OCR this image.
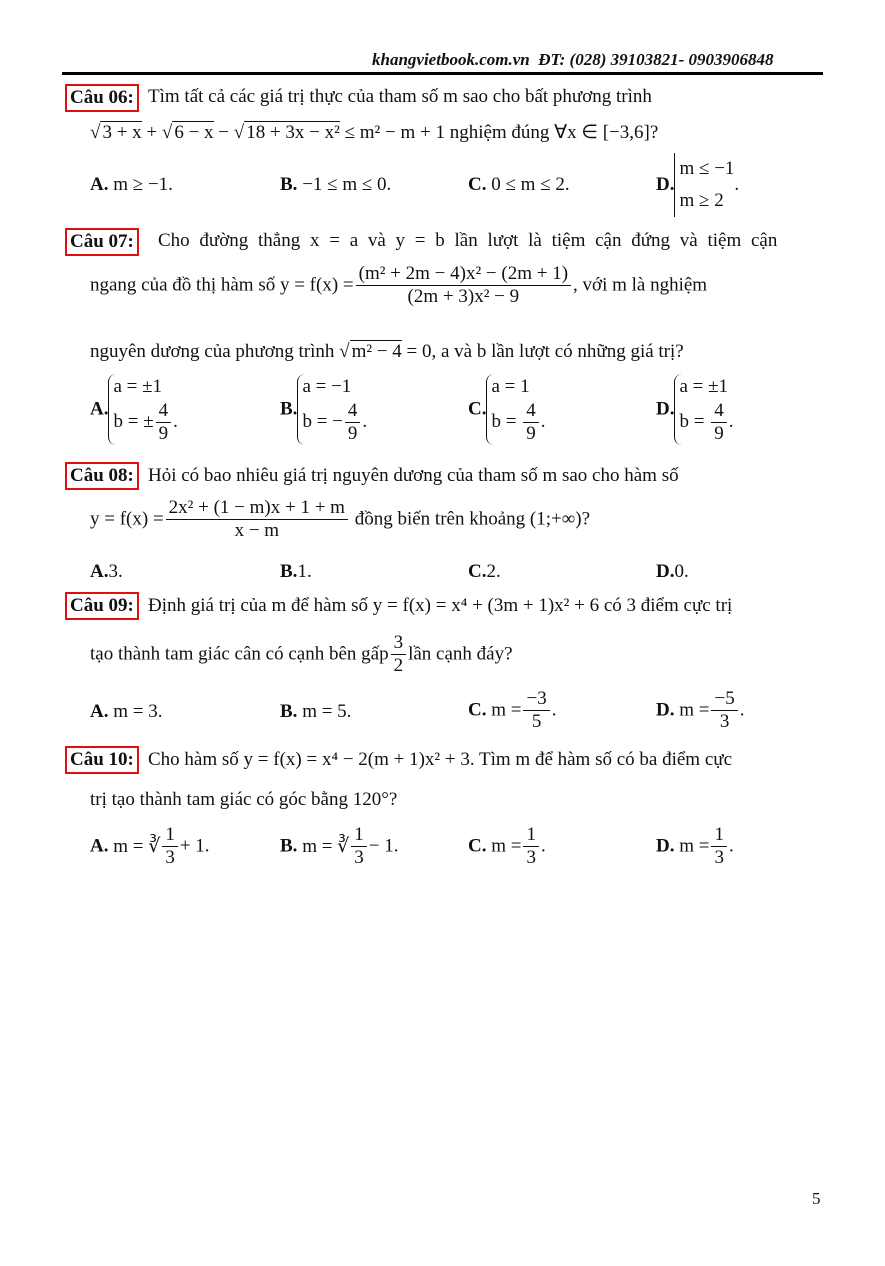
khangvietbook.com.vn ĐT: (028) 39103821- 0903906848
Câu 06: Tìm tất cả các giá trị thực của tham số m sao cho bất phương trình
√ 3 + x + √ 6 − x − √ 18 + 3x − x² ≤ m² − m + 1 nghiệm đúng ∀x ∈ [−3,6]?
A. m ≥ −1.	B. −1 ≤ m ≤ 0.	C. 0 ≤ m ≤ 2.	D.
m ≤ −1
m ≥ 2
.
Câu 07: Cho đường thẳng x = a và y = b lần lượt là tiệm cận đứng và tiệm cận
ngang của đồ thị hàm số $y = f(x) = \frac{\text{(m² + 2m − 4)x² − (2m + 1)}}{\text{(2m + 3)x² − 9}}$ , với m là nghiệm
nguyên dương của phương trình √ m² − 4 = 0, a và b lần lượt có những giá trị?
A.
a = ±1
b = ± $\frac{4}{9}$ .
B.
a = −1
b = − $\frac{4}{9}$ .
C.
a = 1
$b = \frac{4}{9}$ .
D.
a = ±1
$b = \frac{4}{9}$ .
Câu 08: Hỏi có bao nhiêu giá trị nguyên dương của tham số m sao cho hàm số
$y = f(x) = \frac{\text{2x² + (1 − m)x + 1 + m}}{x - m}$ đồng biến trên khoảng (1;+∞)?
A.3.	B.1.	C.2.	D.0.
Câu 09: Định giá trị của m để hàm số y = f(x) = x⁴ + (3m + 1)x² + 6 có 3 điểm cực trị
tạo thành tam giác cân có cạnh bên gấp $\frac{3}{2}$ lần cạnh đáy?
A. m = 3.	B. m = 5.	C. $m = \frac{-3}{5}$ .	D. $m = \frac{-5}{3}$ .
Câu 10: Cho hàm số y = f(x) = x⁴ − 2(m + 1)x² + 3. Tìm m để hàm số có ba điểm cực
trị tạo thành tam giác có góc bằng 120°?
A. m = ∛ $\frac{1}{3} + 1$.	B. m = ∛ $\frac{1}{3} - 1$.	C. $m = \frac{1}{3}$ .	D. $m = \frac{1}{3}$ .
5
